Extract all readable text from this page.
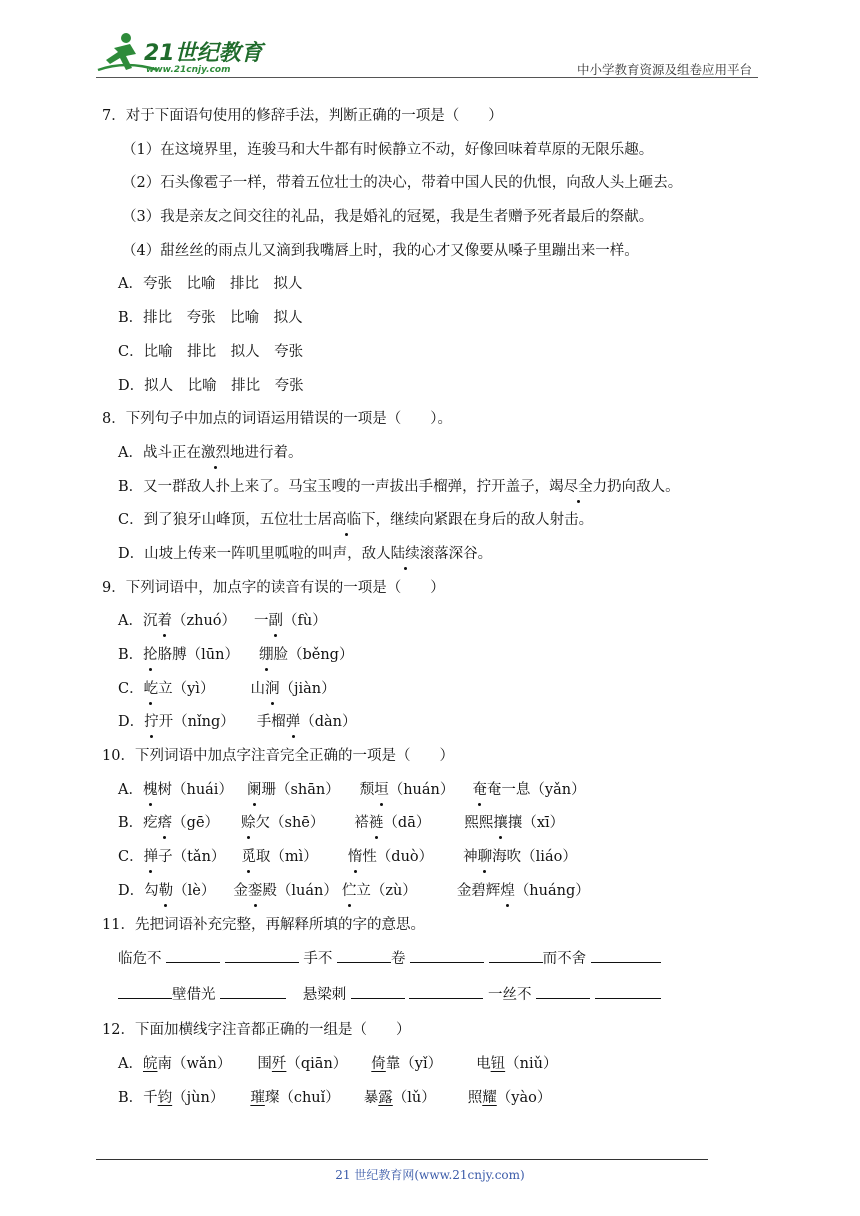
21世纪教育
www.21cnjy.com	中小学教育资源及组卷应用平台
7．对于下面语句使用的修辞手法，判断正确的一项是（　　）
（1）在这境界里，连骏马和大牛都有时候静立不动，好像回味着草原的无限乐趣。
（2）石头像雹子一样，带着五位壮士的决心，带着中国人民的仇恨，向敌人头上砸去。
（3）我是亲友之间交往的礼品，我是婚礼的冠冕，我是生者赠予死者最后的祭献。
（4）甜丝丝的雨点儿又滴到我嘴唇上时，我的心才又像要从嗓子里蹦出来一样。
A．夸张　比喻　排比　拟人
B．排比　夸张　比喻　拟人
C．比喻　排比　拟人　夸张
D．拟人　比喻　排比　夸张
8．下列句子中加点的词语运用错误的一项是（　　）。
A．战斗正在激烈地进行着。
B．又一群敌人扑上来了。马宝玉嗖的一声拔出手榴弹，拧开盖子，竭尽全力扔向敌人。
C．到了狼牙山峰顶，五位壮士居高临下，继续向紧跟在身后的敌人射击。
D．山坡上传来一阵叽里呱啦的叫声，敌人陆续滚落深谷。
9．下列词语中，加点字的读音有误的一项是（　　）
A．沉着（zhuó） 一副（fù）
B．抡胳膊（lūn） 绷脸（běng）
C．屹立（yì） 山涧（jiàn）
D．拧开（nǐng） 手榴弹（dàn）
10．下列词语中加点字注音完全正确的一项是（　　）
A．槐树（huái） 阑珊（shān） 颓垣（huán） 奄奄一息（yǎn）
B．疙瘩（gē） 赊欠（shē） 褡裢（dā） 熙熙攘攘（xī）
C．掸子（tǎn） 觅取（mì） 惰性（duò） 神聊海吹（liáo）
D．勾勒（lè） 金銮殿（luán） 伫立（zù）	金碧辉煌（huáng）
11．先把词语补充完整，再解释所填的字的意思。
临危不	手不	卷	而不舍
壁借光	悬梁刺	一丝不
12．下面加横线字注音都正确的一组是（　　）
A．皖南（wǎn） 围歼（qiān） 倚靠（yǐ） 电钮（niǔ）
B．千钧（jùn） 璀璨（chuǐ） 暴露（lǔ） 照耀（yào）
21 世纪教育网(www.21cnjy.com)
